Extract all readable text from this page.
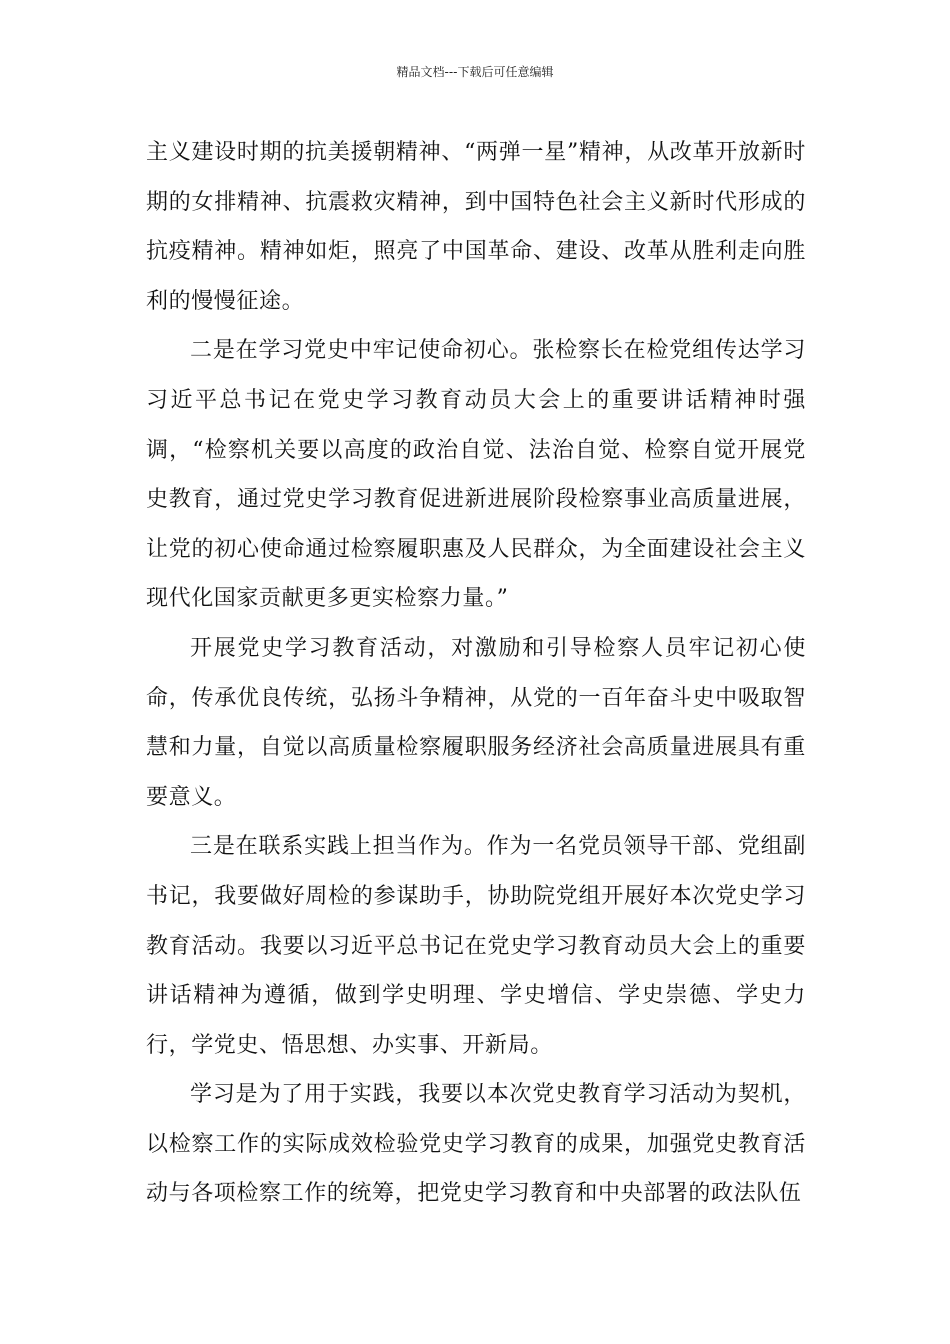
精品文档---下载后可任意编辑

主义建设时期的抗美援朝精神、“两弹一星”精神，从改革开放新时期的女排精神、抗震救灾精神，到中国特色社会主义新时代形成的抗疫精神。精神如炬，照亮了中国革命、建设、改革从胜利走向胜利的慢慢征途。

二是在学习党史中牢记使命初心。张检察长在检党组传达学习习近平总书记在党史学习教育动员大会上的重要讲话精神时强调，“检察机关要以高度的政治自觉、法治自觉、检察自觉开展党史教育，通过党史学习教育促进新进展阶段检察事业高质量进展，让党的初心使命通过检察履职惠及人民群众，为全面建设社会主义现代化国家贡献更多更实检察力量。”

开展党史学习教育活动，对激励和引导检察人员牢记初心使命，传承优良传统，弘扬斗争精神，从党的一百年奋斗史中吸取智慧和力量，自觉以高质量检察履职服务经济社会高质量进展具有重要意义。

三是在联系实践上担当作为。作为一名党员领导干部、党组副书记，我要做好周检的参谋助手，协助院党组开展好本次党史学习教育活动。我要以习近平总书记在党史学习教育动员大会上的重要讲话精神为遵循，做到学史明理、学史增信、学史崇德、学史力行，学党史、悟思想、办实事、开新局。

学习是为了用于实践，我要以本次党史教育学习活动为契机，以检察工作的实际成效检验党史学习教育的成果，加强党史教育活动与各项检察工作的统筹，把党史学习教育和中央部署的政法队伍
